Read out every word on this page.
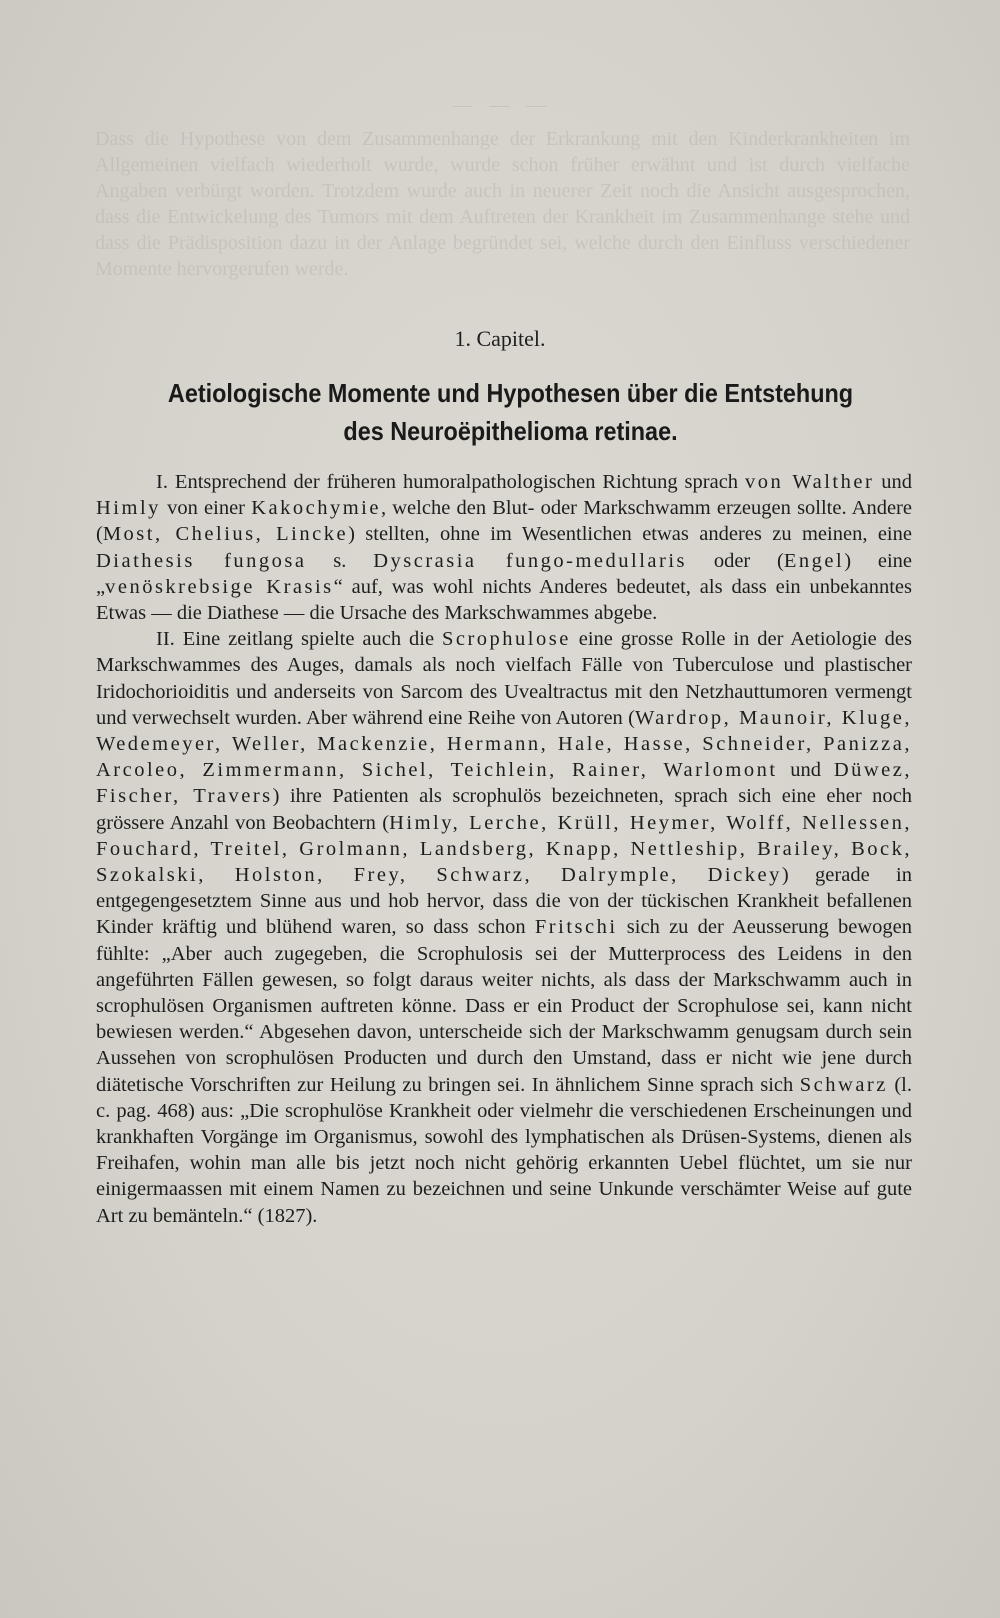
— — —
Dass die Hypothese von dem Zusammenhange der Erkrankung mit den Kinderkrankheiten im Allgemeinen vielfach wiederholt wurde, wurde schon früher erwähnt und ist durch vielfache Angaben verbürgt worden. Trotzdem wurde auch in neuerer Zeit noch die Ansicht ausgesprochen, dass die Entwickelung des Tumors mit dem Auftreten der Krankheit im Zusammenhange stehe und dass die Prädisposition dazu in der Anlage begründet sei, welche durch den Einfluss verschiedener Momente hervorgerufen werde.
1. Capitel.
Aetiologische Momente und Hypothesen über die Entstehung
des Neuroëpithelioma retinae.

I. Entsprechend der früheren humoralpathologischen Richtung sprach von Walther und Himly von einer Kakochymie, welche den Blut- oder Markschwamm erzeugen sollte. Andere (Most, Chelius, Lincke) stellten, ohne im Wesentlichen etwas anderes zu meinen, eine Diathesis fungosa s. Dyscrasia fungo-medullaris oder (Engel) eine „venöskrebsige Krasis“ auf, was wohl nichts Anderes bedeutet, als dass ein unbekanntes Etwas — die Diathese — die Ursache des Markschwammes abgebe.

II. Eine zeitlang spielte auch die Scrophulose eine grosse Rolle in der Aetiologie des Markschwammes des Auges, damals als noch vielfach Fälle von Tuberculose und plastischer Iridochorioiditis und anderseits von Sarcom des Uvealtractus mit den Netzhauttumoren vermengt und verwechselt wurden. Aber während eine Reihe von Autoren (Wardrop, Maunoir, Kluge, Wedemeyer, Weller, Mackenzie, Hermann, Hale, Hasse, Schneider, Panizza, Arcoleo, Zimmermann, Sichel, Teichlein, Rainer, Warlomont und Düwez, Fischer, Travers) ihre Patienten als scrophulös bezeichneten, sprach sich eine eher noch grössere Anzahl von Beobachtern (Himly, Lerche, Krüll, Heymer, Wolff, Nellessen, Fouchard, Treitel, Grolmann, Landsberg, Knapp, Nettleship, Brailey, Bock, Szokalski, Holston, Frey, Schwarz, Dalrymple, Dickey) gerade in entgegengesetztem Sinne aus und hob hervor, dass die von der tückischen Krankheit befallenen Kinder kräftig und blühend waren, so dass schon Fritschi sich zu der Aeusserung bewogen fühlte: „Aber auch zugegeben, die Scrophulosis sei der Mutterprocess des Leidens in den angeführten Fällen gewesen, so folgt daraus weiter nichts, als dass der Markschwamm auch in scrophulösen Organismen auftreten könne. Dass er ein Product der Scrophulose sei, kann nicht bewiesen werden.“ Abgesehen davon, unterscheide sich der Markschwamm genugsam durch sein Aussehen von scrophulösen Producten und durch den Umstand, dass er nicht wie jene durch diätetische Vorschriften zur Heilung zu bringen sei. In ähnlichem Sinne sprach sich Schwarz (l. c. pag. 468) aus: „Die scrophulöse Krankheit oder vielmehr die verschiedenen Erscheinungen und krankhaften Vorgänge im Organismus, sowohl des lymphatischen als Drüsen-Systems, dienen als Freihafen, wohin man alle bis jetzt noch nicht gehörig erkannten Uebel flüchtet, um sie nur einigermaassen mit einem Namen zu bezeichnen und seine Unkunde verschämter Weise auf gute Art zu bemänteln.“ (1827).
